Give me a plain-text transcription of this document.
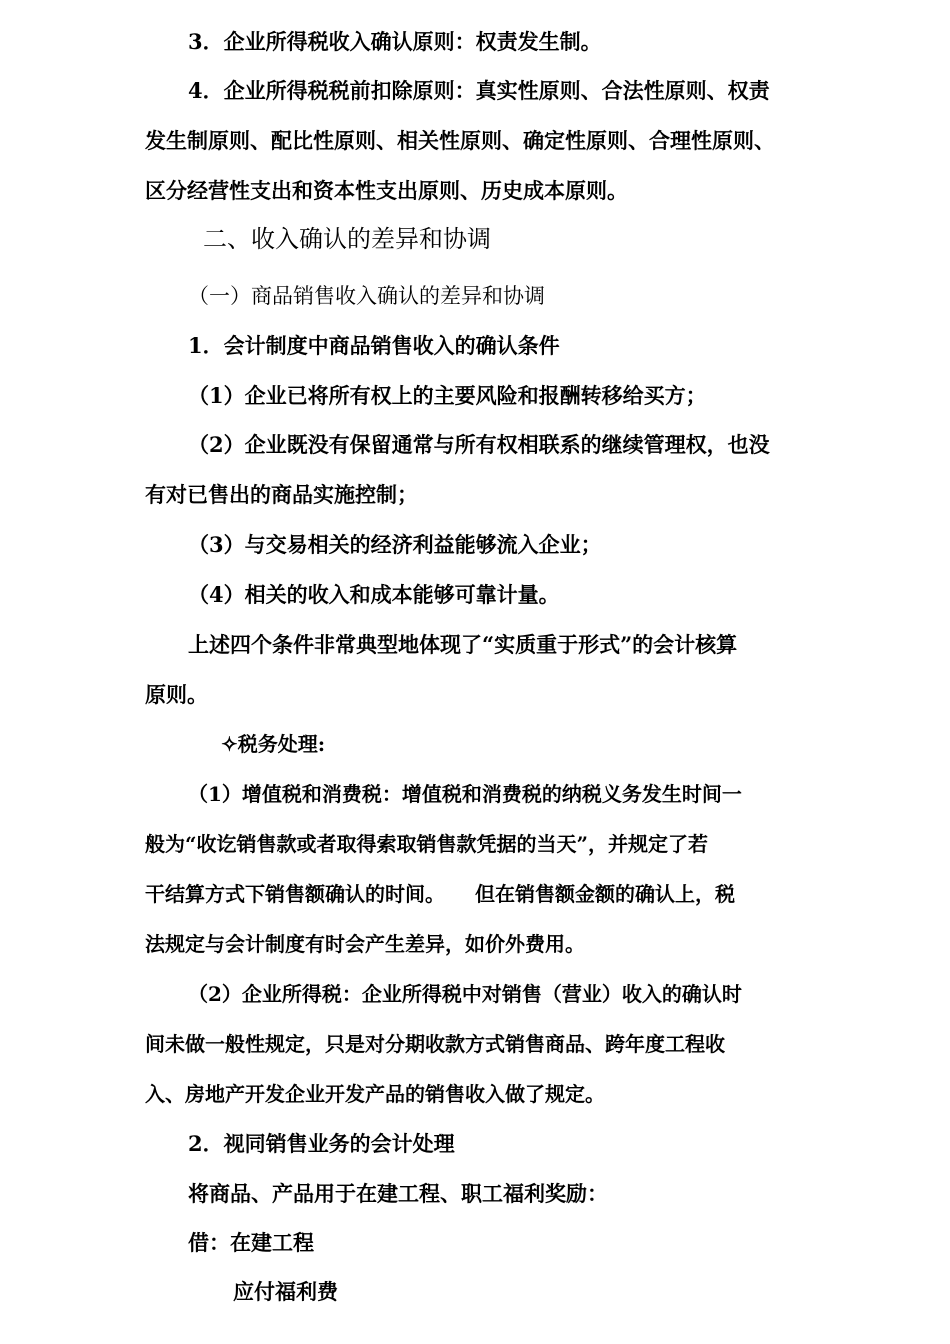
3．企业所得税收入确认原则：权责发生制。
4．企业所得税税前扣除原则：真实性原则、合法性原则、权责
发生制原则、配比性原则、相关性原则、确定性原则、合理性原则、
区分经营性支出和资本性支出原则、历史成本原则。
二、收入确认的差异和协调
（一）商品销售收入确认的差异和协调
1．会计制度中商品销售收入的确认条件
（1）企业已将所有权上的主要风险和报酬转移给买方；
（2）企业既没有保留通常与所有权相联系的继续管理权，也没
有对已售出的商品实施控制；
（3）与交易相关的经济利益能够流入企业；
（4）相关的收入和成本能够可靠计量。
上述四个条件非常典型地体现了“实质重于形式”的会计核算
原则。
✧税务处理:
（1）增值税和消费税：增值税和消费税的纳税义务发生时间一
般为“收讫销售款或者取得索取销售款凭据的当天”，并规定了若
干结算方式下销售额确认的时间。　　但在销售额金额的确认上，税
法规定与会计制度有时会产生差异，如价外费用。
（2）企业所得税：企业所得税中对销售（营业）收入的确认时
间未做一般性规定，只是对分期收款方式销售商品、跨年度工程收
入、房地产开发企业开发产品的销售收入做了规定。
2．视同销售业务的会计处理
将商品、产品用于在建工程、职工福利奖励：
借：在建工程
应付福利费
